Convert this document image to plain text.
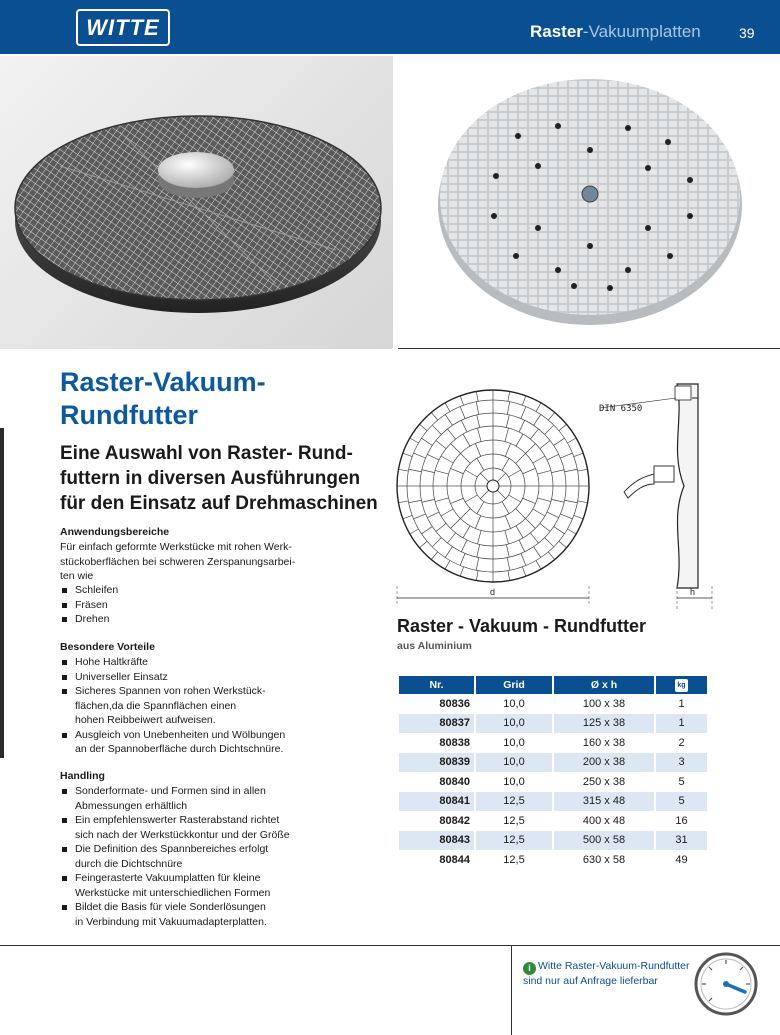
WITTE	Raster-Vakuumplatten	39
Raster-Vakuum-
Rundfutter
Eine Auswahl von Raster- Rund-futtern in diversen Ausführungen für den Einsatz auf Drehmaschinen
Anwendungsbereiche
Für einfach geformte Werkstücke mit rohen Werk-
stückoberflächen bei schweren Zerspanungsarbei-
ten wie
Schleifen
Fräsen
Drehen
Besondere Vorteile
Hohe Haltkräfte
Universeller Einsatz
Sicheres Spannen von rohen Werkstück-
flächen,da die Spannflächen einen
hohen Reibbeiwert aufweisen.
Ausgleich von Unebenheiten und Wölbungen
an der Spannoberfläche durch Dichtschnüre.
Handling
Sonderformate- und Formen sind in allen
Abmessungen erhältlich
Ein empfehlenswerter Rasterabstand richtet
sich nach der Werkstückkontur und der Größe
Die Definition des Spannbereiches erfolgt
durch die Dichtschnüre
Feingerasterte Vakuumplatten für kleine
Werkstücke mit unterschiedlichen Formen
Bildet die Basis für viele Sonderlösungen
in Verbindung mit Vakuumadapterplatten.
DIN 6350
d	h
Raster - Vakuum - Rundfutter
aus Aluminium
Nr.	Grid	Ø x h	kg
80836	10,0	100 x 38	1
80837	10,0	125 x 38	1
80838	10,0	160 x 38	2
80839	10,0	200 x 38	3
80840	10,0	250 x 38	5
80841	12,5	315 x 48	5
80842	12,5	400 x 48	16
80843	12,5	500 x 58	31
80844	12,5	630 x 58	49
i Witte Raster-Vakuum-Rundfutter
sind nur auf Anfrage lieferbar
